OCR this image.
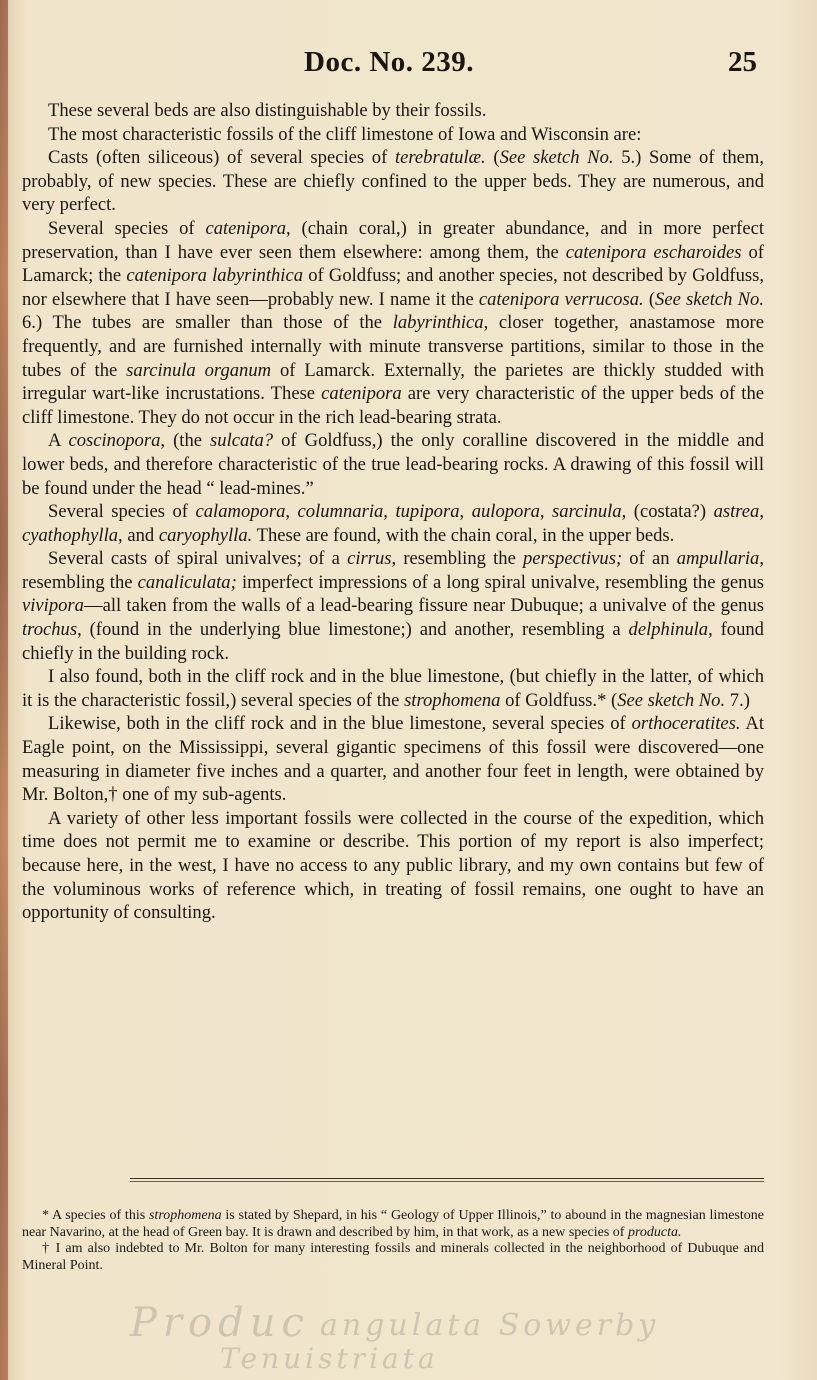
Doc. No. 239.	25

These several beds are also distinguishable by their fossils.

The most characteristic fossils of the cliff limestone of Iowa and Wisconsin are:

Casts (often siliceous) of several species of terebratulæ. (See sketch No. 5.) Some of them, probably, of new species. These are chiefly confined to the upper beds. They are numerous, and very perfect.

Several species of catenipora, (chain coral,) in greater abundance, and in more perfect preservation, than I have ever seen them elsewhere: among them, the catenipora escharoides of Lamarck; the catenipora labyrinthica of Goldfuss; and another species, not described by Goldfuss, nor elsewhere that I have seen—probably new. I name it the catenipora verrucosa. (See sketch No. 6.) The tubes are smaller than those of the labyrinthica, closer together, anastamose more frequently, and are furnished internally with minute transverse partitions, similar to those in the tubes of the sarcinula organum of Lamarck. Externally, the parietes are thickly studded with irregular wart-like incrustations. These catenipora are very characteristic of the upper beds of the cliff limestone. They do not occur in the rich lead-bearing strata.

A coscinopora, (the sulcata? of Goldfuss,) the only coralline discovered in the middle and lower beds, and therefore characteristic of the true lead-bearing rocks. A drawing of this fossil will be found under the head “ lead-mines.”

Several species of calamopora, columnaria, tupipora, aulopora, sarcinula, (costata?) astrea, cyathophylla, and caryophylla. These are found, with the chain coral, in the upper beds.

Several casts of spiral univalves; of a cirrus, resembling the perspectivus; of an ampullaria, resembling the canaliculata; imperfect impressions of a long spiral univalve, resembling the genus vivipora—all taken from the walls of a lead-bearing fissure near Dubuque; a univalve of the genus trochus, (found in the underlying blue limestone;) and another, resembling a delphinula, found chiefly in the building rock.

I also found, both in the cliff rock and in the blue limestone, (but chiefly in the latter, of which it is the characteristic fossil,) several species of the strophomena of Goldfuss.* (See sketch No. 7.)

Likewise, both in the cliff rock and in the blue limestone, several species of orthoceratites. At Eagle point, on the Mississippi, several gigantic specimens of this fossil were discovered—one measuring in diameter five inches and a quarter, and another four feet in length, were obtained by Mr. Bolton,† one of my sub-agents.

A variety of other less important fossils were collected in the course of the expedition, which time does not permit me to examine or describe. This portion of my report is also imperfect; because here, in the west, I have no access to any public library, and my own contains but few of the voluminous works of reference which, in treating of fossil remains, one ought to have an opportunity of consulting.

* A species of this strophomena is stated by Shepard, in his “ Geology of Upper Illinois,” to abound in the magnesian limestone near Navarino, at the head of Green bay. It is drawn and described by him, in that work, as a new species of producta.

† I am also indebted to Mr. Bolton for many interesting fossils and minerals collected in the neighborhood of Dubuque and Mineral Point.

Produc angulata Sowerby
Tenuistriata
